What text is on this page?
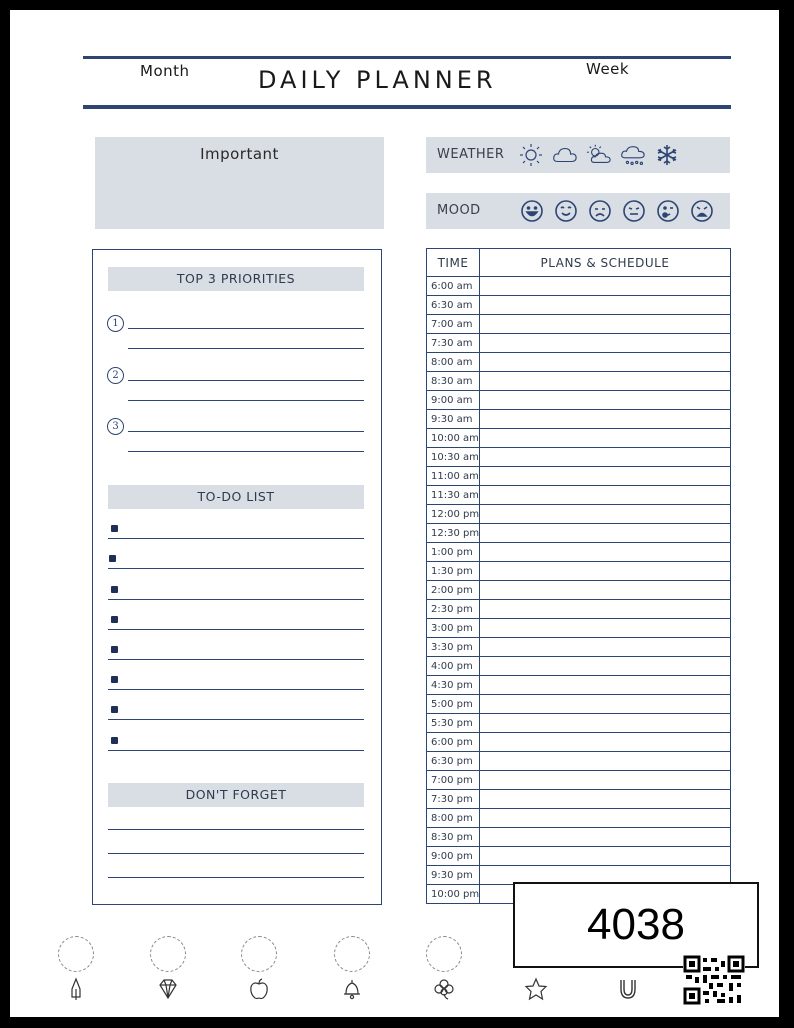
Month	Week
DAILY PLANNER
Important	WEATHER
MOOD
TOP 3 PRIORITIES
1
2
3
TO-DO LIST
DON'T FORGET
TIME	PLANS & SCHEDULE
6:00 am	
6:30 am	
7:00 am	
7:30 am	
8:00 am	
8:30 am	
9:00 am	
9:30 am	
10:00 am	
10:30 am	
11:00 am	
11:30 am	
12:00 pm	
12:30 pm	
1:00 pm	
1:30 pm	
2:00 pm	
2:30 pm	
3:00 pm	
3:30 pm	
4:00 pm	
4:30 pm	
5:00 pm	
5:30 pm	
6:00 pm	
6:30 pm	
7:00 pm	
7:30 pm	
8:00 pm	
8:30 pm	
9:00 pm	
9:30 pm	
10:00 pm	
4038
